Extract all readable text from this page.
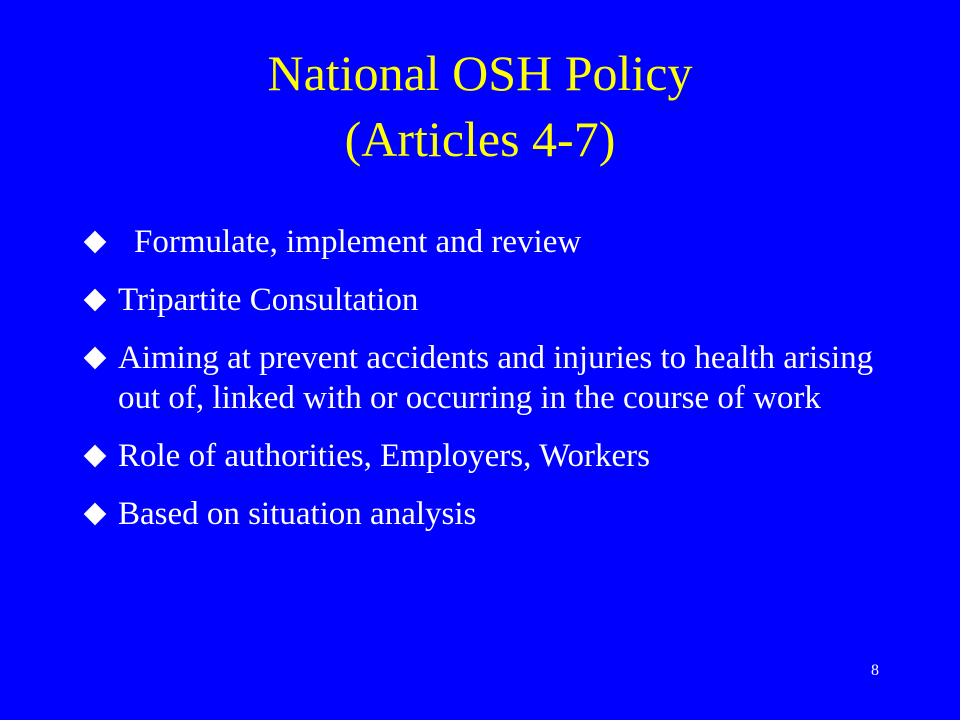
National OSH Policy
(Articles 4-7)
Formulate, implement and review
Tripartite Consultation
Aiming at prevent accidents and injuries to health arising out of, linked with or occurring in the course of work
Role of authorities, Employers, Workers
Based on situation analysis
8
